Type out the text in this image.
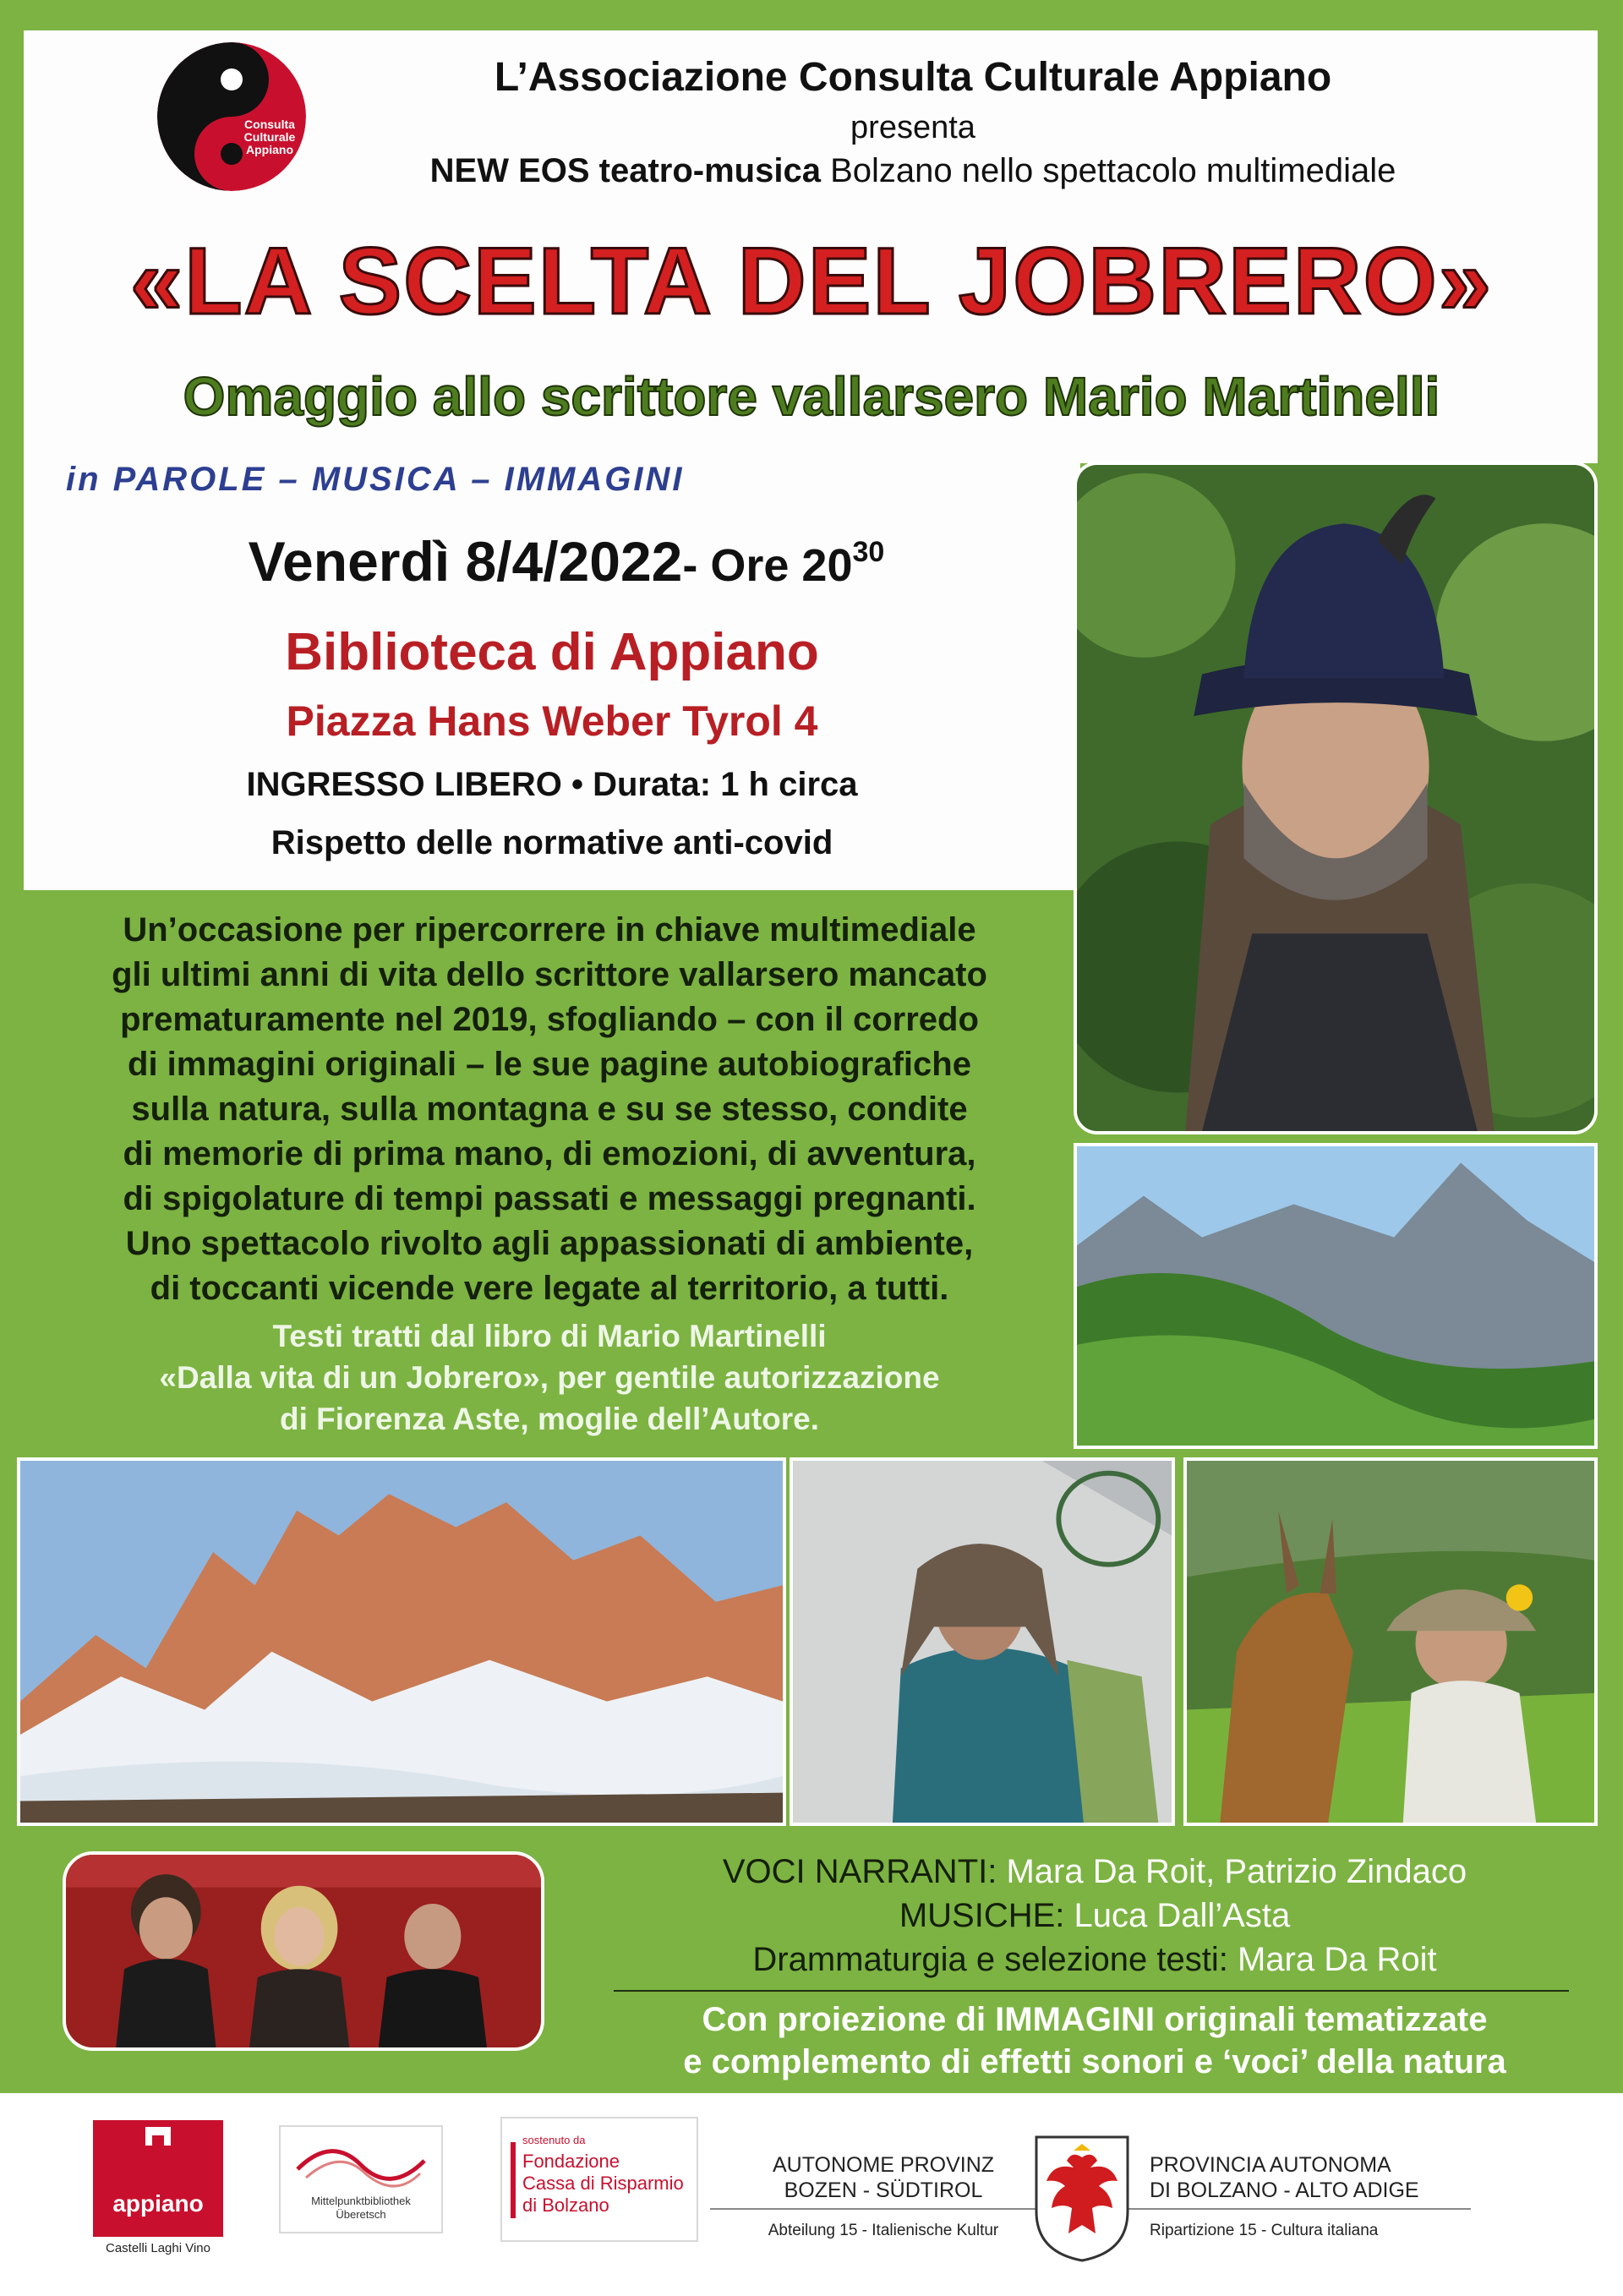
Consulta Culturale Appiano
L’Associazione Consulta Culturale Appiano
presenta
NEW EOS teatro-musica Bolzano nello spettacolo multimediale
«LA SCELTA DEL JOBRERO»
Omaggio allo scrittore vallarsero Mario Martinelli
in PAROLE – MUSICA – IMMAGINI
Venerdì 8/4/2022- Ore $20^{30}$
Biblioteca di Appiano
Piazza Hans Weber Tyrol 4
INGRESSO LIBERO • Durata: 1 h circa
Rispetto delle normative anti-covid
Un’occasione per ripercorrere in chiave multimediale
gli ultimi anni di vita dello scrittore vallarsero mancato
prematuramente nel 2019, sfogliando – con il corredo
di immagini originali – le sue pagine autobiografiche
sulla natura, sulla montagna e su se stesso, condite
di memorie di prima mano, di emozioni, di avventura,
di spigolature di tempi passati e messaggi pregnanti.
Uno spettacolo rivolto agli appassionati di ambiente,
di toccanti vicende vere legate al territorio, a tutti.
Testi tratti dal libro di Mario Martinelli
«Dalla vita di un Jobrero», per gentile autorizzazione
di Fiorenza Aste, moglie dell’Autore.
VOCI NARRANTI: Mara Da Roit, Patrizio Zindaco
MUSICHE: Luca Dall’Asta
Drammaturgia e selezione testi: Mara Da Roit
Con proiezione di IMMAGINI originali tematizzate
e complemento di effetti sonori e ‘voci’ della natura
appiano
Castelli Laghi Vino
Mittelpunktbibliothek
Überetsch
sostenuto da
Fondazione
Cassa di Risparmio
di Bolzano
AUTONOME PROVINZ
BOZEN - SÜDTIROL
Abteilung 15 - Italienische Kultur
PROVINCIA AUTONOMA
DI BOLZANO - ALTO ADIGE
Ripartizione 15 - Cultura italiana
